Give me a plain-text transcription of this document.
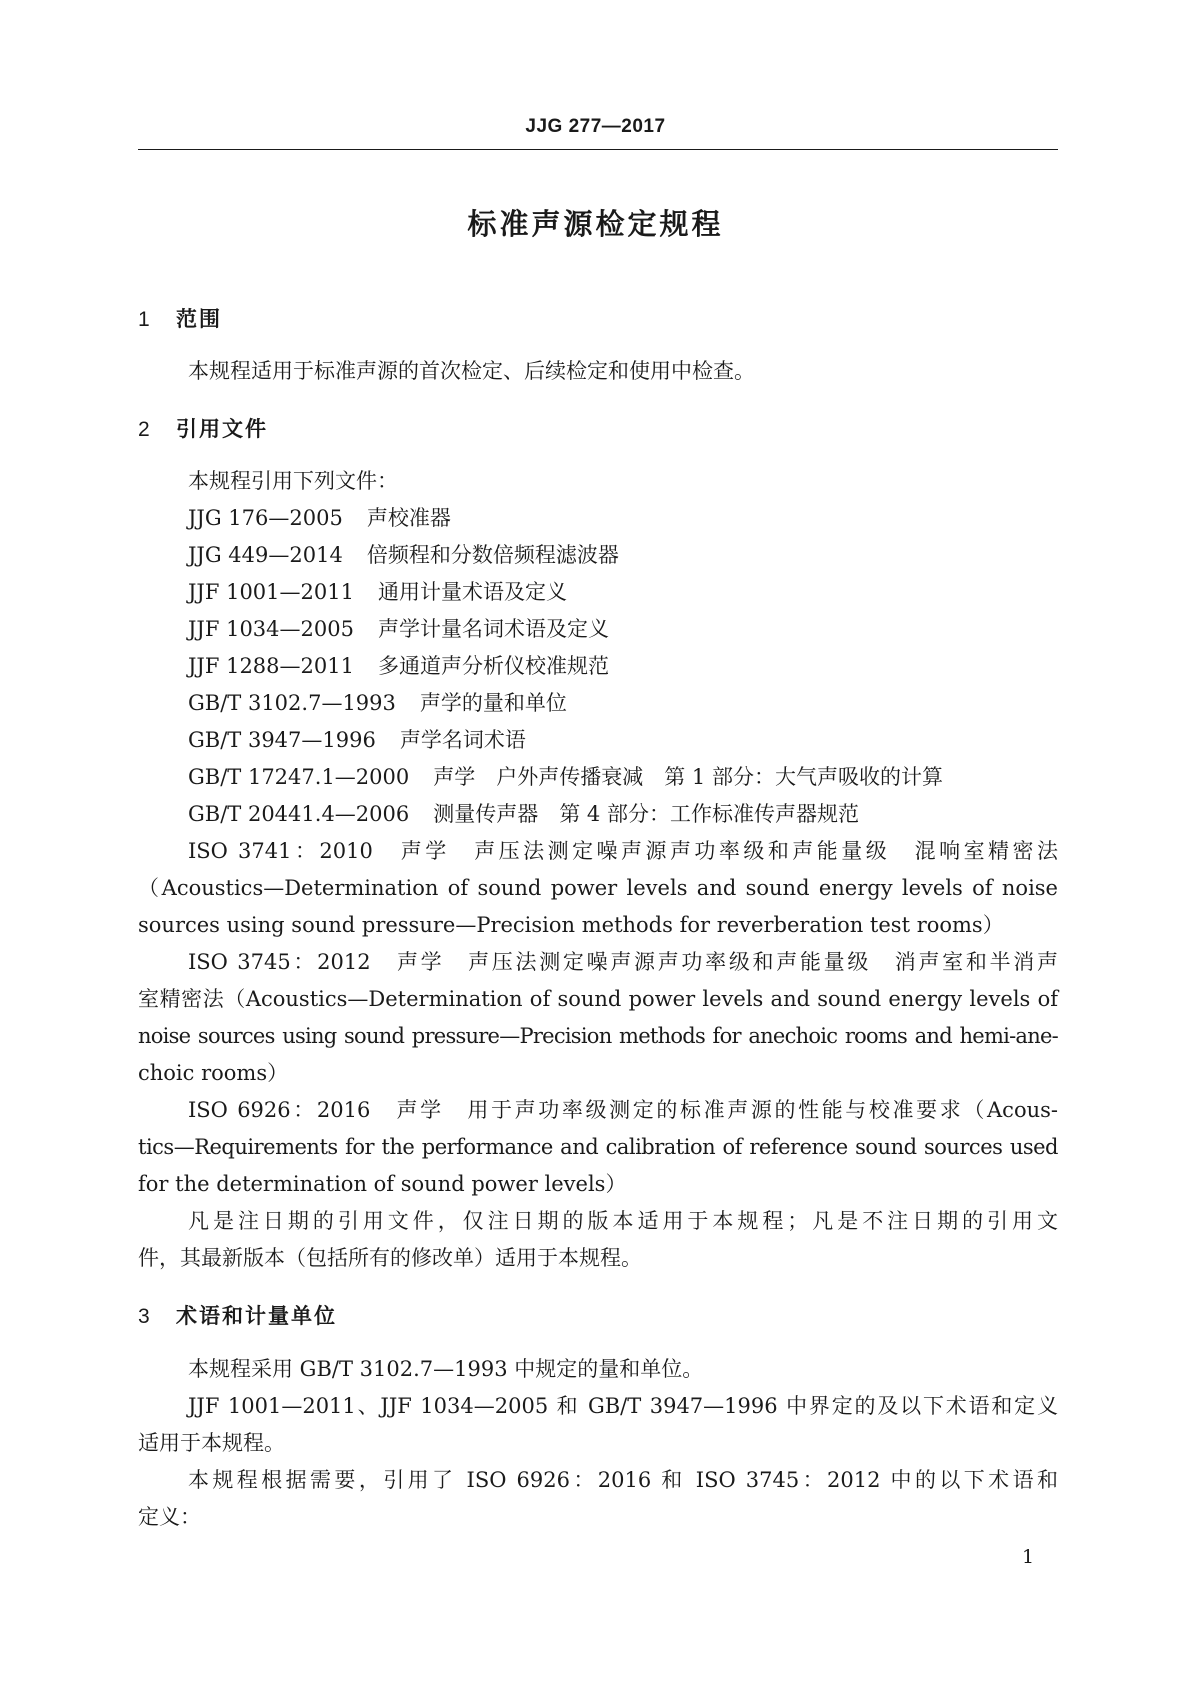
JJG 277—2017
标准声源检定规程
1 范围
本规程适用于标准声源的首次检定、后续检定和使用中检查。
2 引用文件
本规程引用下列文件：
JJG 176—2005 声校准器
JJG 449—2014 倍频程和分数倍频程滤波器
JJF 1001—2011 通用计量术语及定义
JJF 1034—2005 声学计量名词术语及定义
JJF 1288—2011 多通道声分析仪校准规范
GB/T 3102.7—1993 声学的量和单位
GB/T 3947—1996 声学名词术语
GB/T 17247.1—2000 声学　户外声传播衰减　第 1 部分：大气声吸收的计算
GB/T 20441.4—2006 测量传声器　第 4 部分：工作标准传声器规范
ISO 3741：2010　声学　声压法测定噪声源声功率级和声能量级　混响室精密法
（Acoustics—Determination of sound power levels and sound energy levels of noise
sources using sound pressure—Precision methods for reverberation test rooms）
ISO 3745：2012　声学　声压法测定噪声源声功率级和声能量级　消声室和半消声
室精密法（Acoustics—Determination of sound power levels and sound energy levels of
noise sources using sound pressure—Precision methods for anechoic rooms and hemi-ane-
choic rooms）
ISO 6926：2016　声学　用于声功率级测定的标准声源的性能与校准要求（Acous-
tics—Requirements for the performance and calibration of reference sound sources used
for the determination of sound power levels）
凡是注日期的引用文件，仅注日期的版本适用于本规程；凡是不注日期的引用文
件，其最新版本（包括所有的修改单）适用于本规程。
3 术语和计量单位
本规程采用 GB/T 3102.7—1993 中规定的量和单位。
JJF 1001—2011、JJF 1034—2005 和 GB/T 3947—1996 中界定的及以下术语和定义
适用于本规程。
本规程根据需要，引用了 ISO 6926：2016 和 ISO 3745：2012 中的以下术语和
定义：
1
